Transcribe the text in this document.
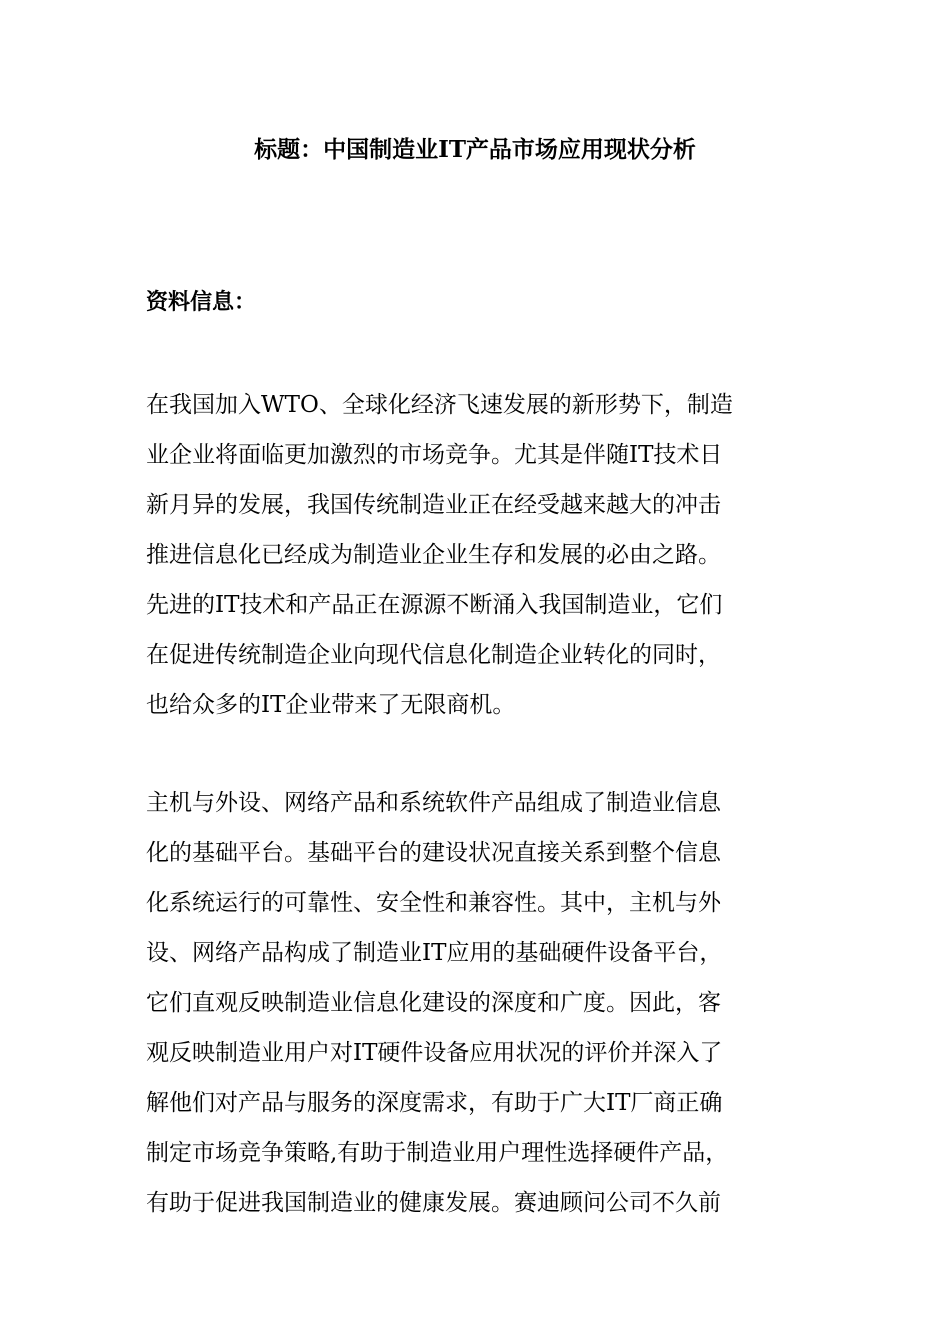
标题：中国制造业IT产品市场应用现状分析
资料信息：
在我国加入WTO、全球化经济飞速发展的新形势下，制造
业企业将面临更加激烈的市场竞争。尤其是伴随IT技术日
新月异的发展，我国传统制造业正在经受越来越大的冲击
推进信息化已经成为制造业企业生存和发展的必由之路。
先进的IT技术和产品正在源源不断涌入我国制造业，它们
在促进传统制造企业向现代信息化制造企业转化的同时，
也给众多的IT企业带来了无限商机。
主机与外设、网络产品和系统软件产品组成了制造业信息
化的基础平台。基础平台的建设状况直接关系到整个信息
化系统运行的可靠性、安全性和兼容性。其中，主机与外
设、网络产品构成了制造业IT应用的基础硬件设备平台，
它们直观反映制造业信息化建设的深度和广度。因此，客
观反映制造业用户对IT硬件设备应用状况的评价并深入了
解他们对产品与服务的深度需求，有助于广大IT厂商正确
制定市场竞争策略,有助于制造业用户理性选择硬件产品，
有助于促进我国制造业的健康发展。赛迪顾问公司不久前
